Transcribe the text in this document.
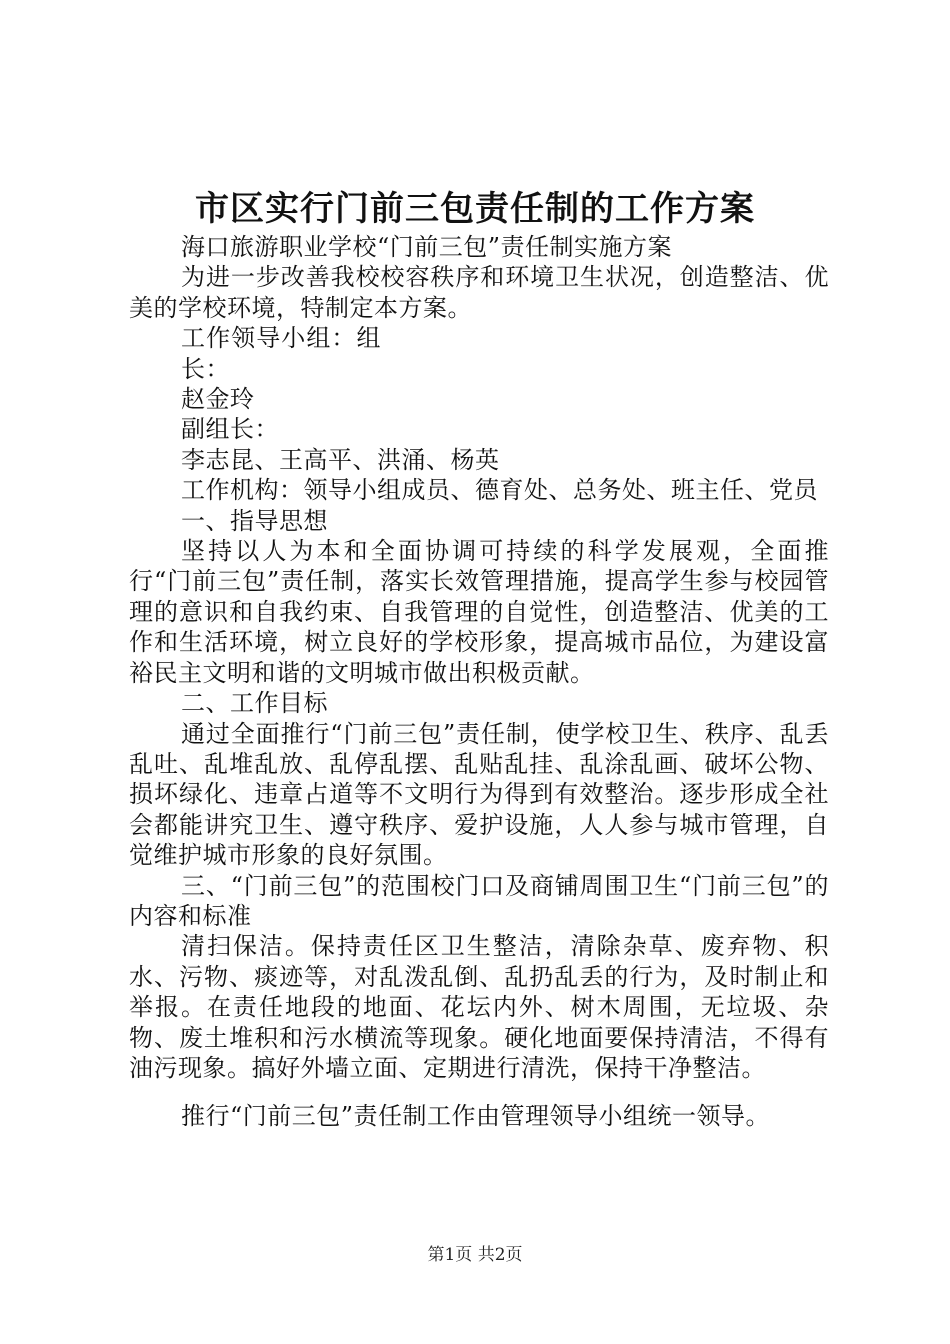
市区实行门前三包责任制的工作方案

海口旅游职业学校“门前三包”责任制实施方案

为进一步改善我校校容秩序和环境卫生状况，创造整洁、优美的学校环境，特制定本方案。

工作领导小组：组长：

赵金玲

副组长：

李志昆、王高平、洪涌、杨英

工作机构：领导小组成员、德育处、总务处、班主任、党员

一、指导思想

坚持以人为本和全面协调可持续的科学发展观，全面推行“门前三包”责任制，落实长效管理措施，提高学生参与校园管理的意识和自我约束、自我管理的自觉性，创造整洁、优美的工作和生活环境，树立良好的学校形象，提高城市品位，为建设富裕民主文明和谐的文明城市做出积极贡献。

二、工作目标

通过全面推行“门前三包”责任制，使学校卫生、秩序、乱丢乱吐、乱堆乱放、乱停乱摆、乱贴乱挂、乱涂乱画、破坏公物、损坏绿化、违章占道等不文明行为得到有效整治。逐步形成全社会都能讲究卫生、遵守秩序、爱护设施，人人参与城市管理，自觉维护城市形象的良好氛围。

三、“门前三包”的范围校门口及商铺周围卫生“门前三包”的内容和标准

清扫保洁。保持责任区卫生整洁，清除杂草、废弃物、积水、污物、痰迹等，对乱泼乱倒、乱扔乱丢的行为，及时制止和举报。在责任地段的地面、花坛内外、树木周围，无垃圾、杂物、废土堆积和污水横流等现象。硬化地面要保持清洁，不得有油污现象。搞好外墙立面、定期进行清洗，保持干净整洁。

推行“门前三包”责任制工作由管理领导小组统一领导。

第1页 共2页
